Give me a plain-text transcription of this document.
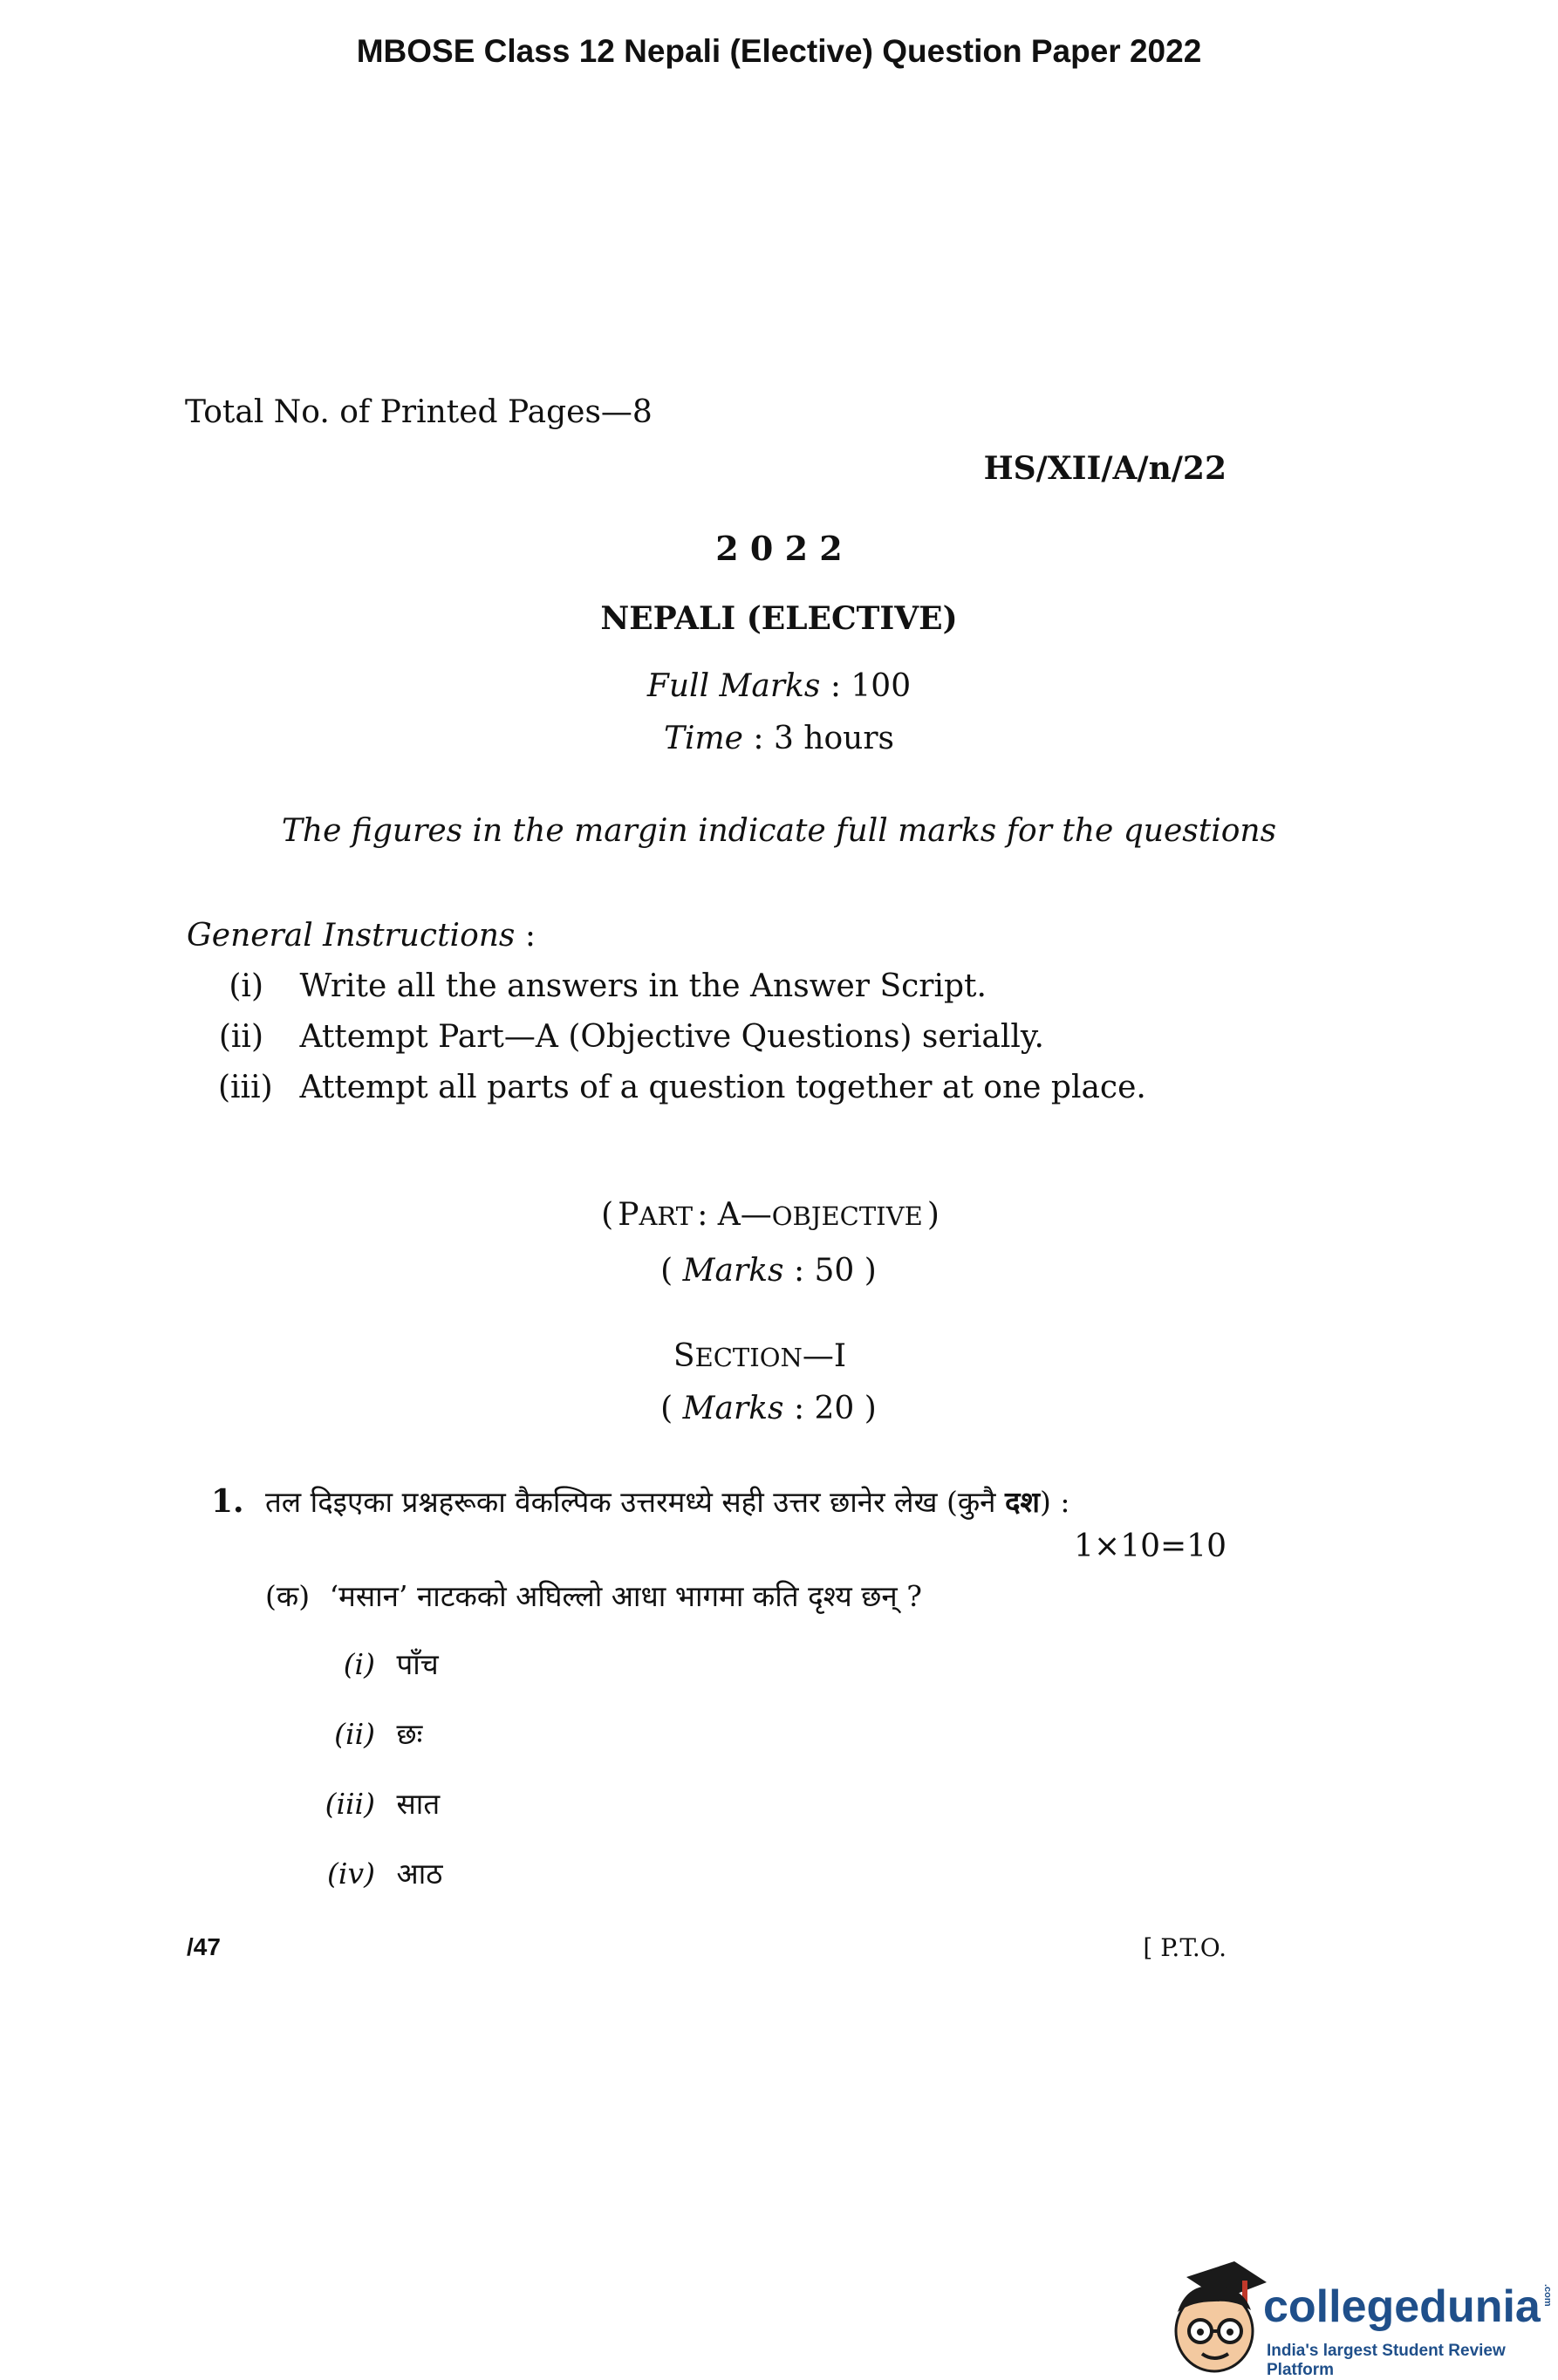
MBOSE Class 12 Nepali (Elective) Question Paper 2022
Total No. of Printed Pages—8
HS/XII/A/n/22
2 0 2 2
NEPALI (ELECTIVE)
Full Marks : 100
Time : 3 hours
The figures in the margin indicate full marks for the questions
General Instructions :
(i) Write all the answers in the Answer Script.
(ii) Attempt Part—A (Objective Questions) serially.
(iii) Attempt all parts of a question together at one place.
( PART : A—OBJECTIVE )
( Marks : 50 )
SECTION—I
( Marks : 20 )
1. तल दिइएका प्रश्नहरूका वैकल्पिक उत्तरमध्ये सही उत्तर छानेर लेख (कुनै दश) :
1×10=10
(क) ‘मसान’ नाटकको अघिल्लो आधा भागमा कति दृश्य छन् ?
(i) पाँच
(ii) छः
(iii) सात
(iv) आठ
/47	[ P.T.O.
collegedunia .com
India's largest Student Review Platform
